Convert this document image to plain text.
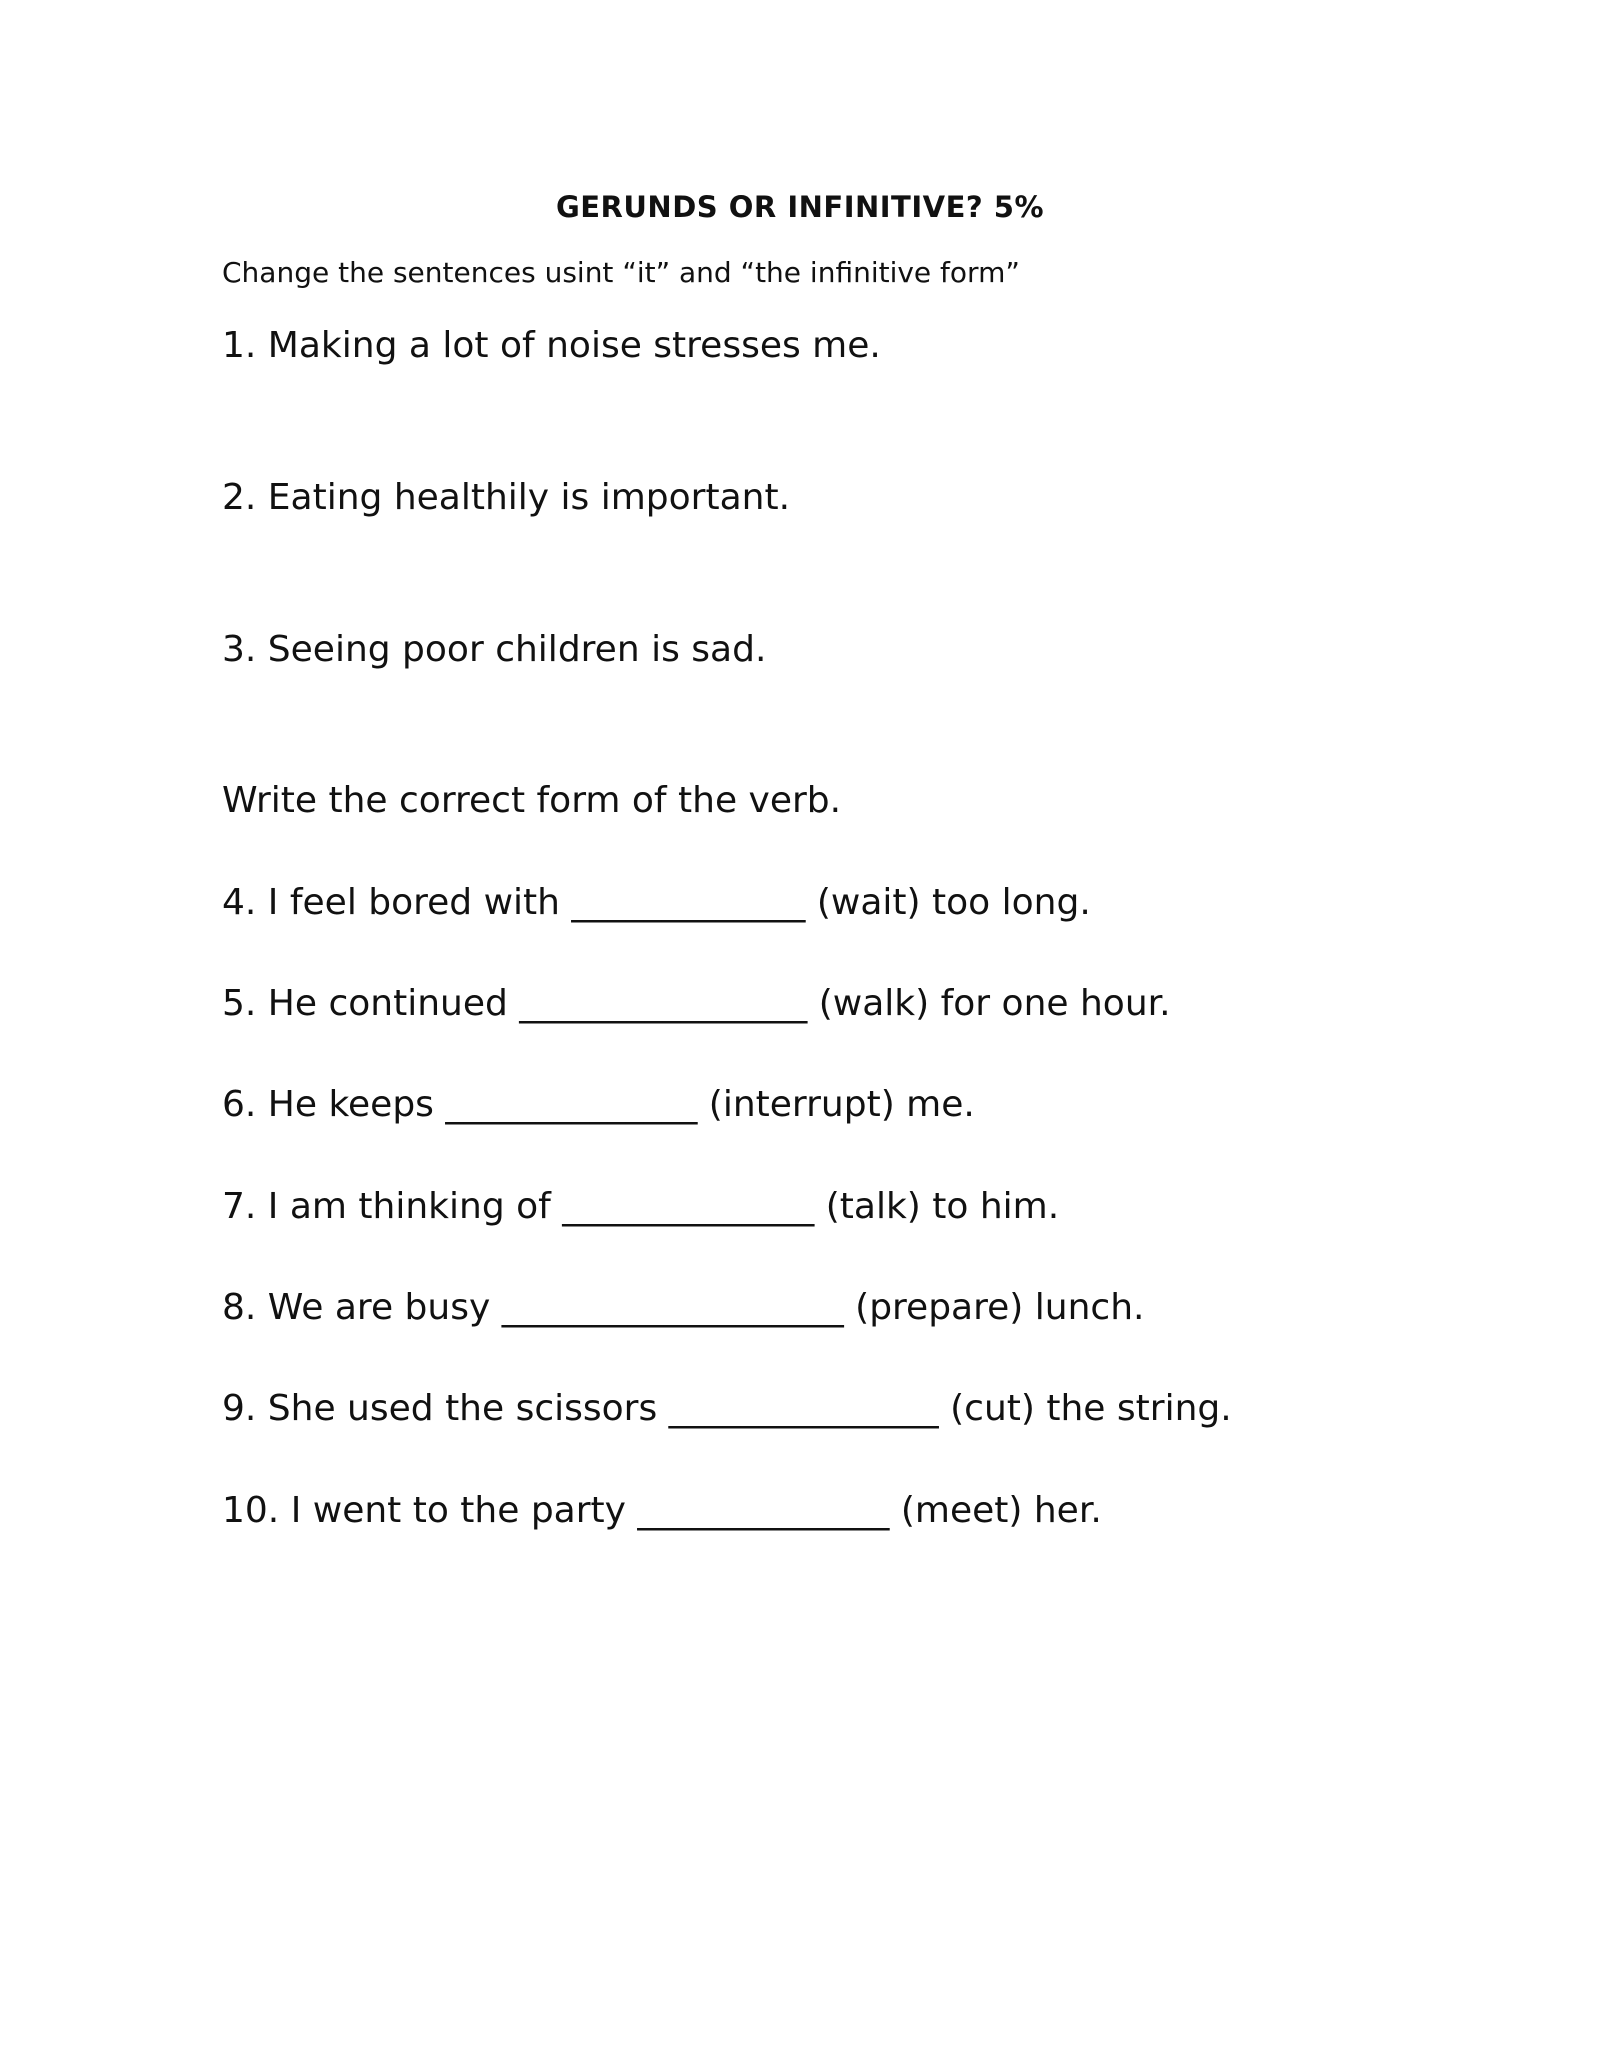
GERUNDS OR INFINITIVE? 5%
Change the sentences usint “it” and “the infinitive form”
1. Making a lot of noise stresses me.
2. Eating healthily is important.
3. Seeing poor children is sad.
Write the correct form of the verb.
4. I feel bored with _____________ (wait) too long.
5. He continued ________________ (walk) for one hour.
6. He keeps ______________ (interrupt) me.
7. I am thinking of ______________ (talk) to him.
8. We are busy ___________________ (prepare) lunch.
9. She used the scissors _______________ (cut) the string.
10. I went to the party ______________ (meet) her.
